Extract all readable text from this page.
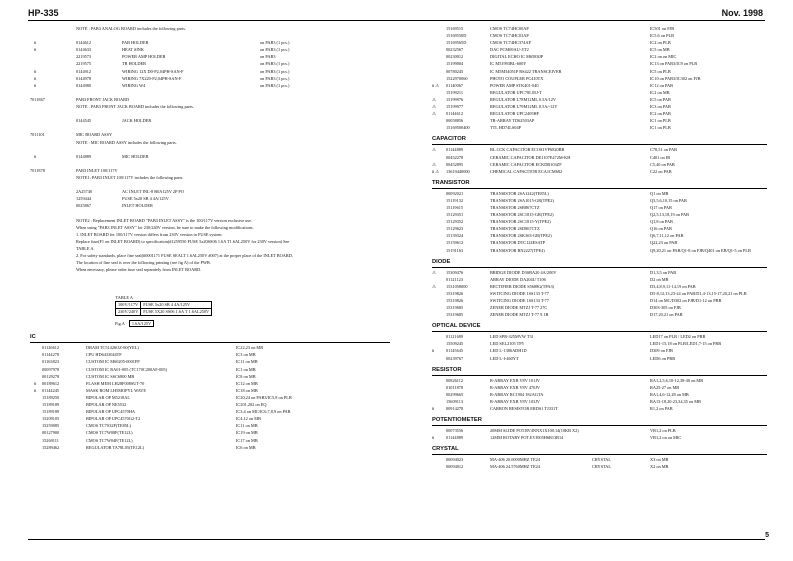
HP-335	Nov. 1998
NOTE : PAB3 ANALOG BOARD includes the following parts.
#	0144612	PAB HOLDER	on PAB3 (1 pcs.)
#	0144633	HEAT SINK	on PAB3 (1 pcs.)
2219573	POWER AMP HOLDER	on PAB3
2219575	TR HOLDER	on PAB3 (1 pcs.)
#	0144912	WIRING 12X D0-P2,04PH-SAN-F	on PAB3 (1 pcs.)
#	0144978	WIRING 7X220-P2,04PH-SAN-F	on PAB3 (1 pcs.)
#	0144980	WIRING W4	on PAB3 (1 pcs.)
7011867	PAB3 FRONT JACK BOARD
NOTE : PAB3 FRONT JACK BOARD includes the following parts.
0144545	JACK HOLDER
7011101	MIC BOARD ASSY
NOTE : MIC BOARD ASSY includes the following parts.
#	0144889	MIC HOLDER
7011878	PAB3 INLET 100/117V
NOTE1: PAB3 INLET 100/117V includes the following parts.
2A25740	AC INLET INL-8 B0A125V 2P PO
1259444	FUSE 5x20 SB 4 4A/125V
0025867	INLET HOLDER
NOTE2 : Replacement INLET BOARD "PAB3 INLET ASSY" is the 100/117V version exclusive use.
When using "PAB3 INLET ASSY" for 230/240V version, be sure to make the following modifications.
1. INLET BOARD for 100/117V version differs from 230V version in FUSE system.
Replace fuse(F1 on INLET BOARD) to specification(#1259550 FUSE 5x20SS06 1.6A T1.6AL250V for 230V version) See
TABLE A.
2. For safety standards, place fine seal(#0001171 FUSE SEALT 1.6AL250V #007) at the proper place of the INLET BOARD.
The location of fine seal is over the following printing (see fig A) of the PWB.
When necessary, please order fuse seal separately from INLET BOARD.
TABLE A	
100V/117V	FUSE 5x20 SB 4 4A/125V
230V/240V	FUSE 5X20 SS06 1.6A T 1.6AL250V
Fig.A 1.6A/125V
IC
01126612	DRAM TC51426OZ-60(YEL)	IC22,23 on MB
01144278	CPU HD6433044TF	IC3 on MB
01163823	CUSTOM IC M60205-0001FP	IC11 on MB
00097978	CUSTOM IC RA01-005 (TC170C200AF-005)	IC1 on MB
00129278	CUSTOM IC SSC6800 MB	IC8 on MB
#	00189612	FLASH MEM LH28F008SUT-70	IC12 on MB
#	01144245	MASK ROM LH5MOPYL WAVE	IC18 on MB
15189250	BIPOLAR OP M5218AL	IC20,24 on PAB3/IC5,8 on PLB
15189189	BIPOLAR OP NE5532	IC201,202 on EQ
15189189	BIPOLAR OP UPC4570HA	IC3,4 on MC/IC6,7,8,9 on PAB
15209105	BIPOLAR OP UPC4570G2-T2	IC4,12 on MB
15259085	CMOS TC7S32F(TE85L)	IC11 on MB
00127900	CMOS TC7W08F(TE12L)	IC19 on MB
15269111	CMOS TC7W04F(TE12L)	IC17 on MB
15289462	REGULATOR TA78L05(TE12L)	IC6 on MB
15169515	CMOS TC74HC00AP	IC501 on FJB
15169550D	CMOS TC74HC03AP	IC5,6 on PLB
15169565D	CMOS TC74HC374AP	IC2 on PLB
00232567	DAC PCM69AU-J/T2	IC5 on MB
00230012	DIGITAL ECHO IC M65830P	IC2 on on MIC
15199004	IC M51993BL-600Y	IC13 on PAB3/IC9 on PLB
00780245	IC M5M34051P RS422 TRANSCEIVER	IC5 on PLB
1522970060	PHOTO COUPLER PC410TX	IC10 on PAB3/IC302 on FJB
# ⚠	01140067	POWER AMP STK401-040	IC12 on PAB
15199211	REGULATOR UPC78L05J-T	IC2 on MB
⚠	15199976	REGULATOR L78M12ML 0.5A/12V	IC5 on PAB
⚠	15199977	REGULATOR L79M12ML 0.5A/-12V	IC3 on PAB
⚠	01144612	REGULATOR UPC2405HF	IC2 on PAB
00058856	TR-ARRAY TD62503AP	IC1 on PLB
15169500400	TTL HD74LS04P	IC1 on PLB
CAPACITOR
⚠	01144889	BL.CCK CAPACITOR ECOS1VP6820BB	C78,51 on PAB
00452278	CERAMIC CAPACITOR DE1107E472M-KH	C401 on IB
⚠	00452895	CERAMIC CAPACITOR ECKDB103ZF	C5,40 on PAB
# ⚠	13619440000	CHEMICAL CAPACITOR ECA1CM682	C22 on PAB
TRANSISTOR
00092021	TRANSISTOR 2SA1242(TE85L)	Q1 on MB
15119132	TRANSISTOR 2SA1015-GR(TPE2)	Q3,5,6,10,15 on PAB
15119615	TRANSISTOR 2SB867CTZ	Q17 on PAB
15129351	TRANSISTOR 2SC1815-GR(TPE2)	Q2,5,13,18,19 on PAB
15129352	TRANSISTOR 2SC1815-Y(TPE2)	Q1,8 on PAB
15129623	TRANSISTOR 2SD867CTZ	Q16 on PAB
15139324	TRANSISTOR 2SK363-GR(TPE2)	Q6,7,11,12 on PAB
15159612	TRANSISTOR DTC124ESATP	Q22,23 on PAB
15191163	TRANSISTOR RN2227(TPE4)	Q9,20,21 on PAB/Q1-8 on FJB/Q401 on EB/Q1-5 on PLB
DIODE
⚠	15309476	BRIDGE DIODE D3SBA20 4A/200V	D1,3,5 on PAB
01121123	ARRAY DIODE DA204U T106	D2 on MB
⚠	1531058000	RECTIFIER DIODE S5688G(TPA3)	D3,4,8,9,11-14,19 on PAB
15319826	SWITCING DIODE 1SS133 T-77	D5-8,12,13,23-24 on PAB/D1,4-13,15-17,20,21 on PLB
15319826	SWITCING DIODE 1SS133 T-77	D14 on MC/D302 on FJB/D1-12 on PRB
15319685	ZENER DIODE MTZJ T-77 27C	D303-305 on FJB
15319685	ZENER DIODE MTZJ T-77 9.1B	D17,20,21 on PAB
OPTICAL DEVICE
01121689	LED SPR-325MVW T31	LED17 on PLB / LED2 on PRB
15509245	LED SEL2105 TP5	LED1-15,18 on PLB/LED1,7-15 on PRB
#	01145645	LED L-1386ADH1D	D309 on FJB
00239767	LED L-I-460YT	LED6 on PRB
RESISTOR
00826112	R-ARRAY EXB V8V 101JV	RA1,2,5,6,10-12,38-40 on MB
01011878	R-ARRAY EXB V8V 470JV	RA25-27 on MB
00299665	R-ARRAY RC1904 182AGTA	RA1,4,6-12,28 on MB
15609113	R-ARRAY EXB V8V 103JV	RA13-18,20-23,34,35 on MB
#	00914278	CARBON RESISTOR ERDS1 TJ331T	R1,2 on PAB
POTENTIOMETER
00073556	20MM SLIDE POT.RV4NNX1X100.14(10KB X2)	VR1,2 on PLB
#	01144889	12MM ROTARY POT.EVJ005H6B13B14	VR1,2 on on MIC
CRYSTAL
00094023	MA-406 20.0000MHZ TE24	CRYSTAL	X3 on MB
00094012	MA-406 24.5760MHZ TE24	CRYSTAL	X2 on MB
5
